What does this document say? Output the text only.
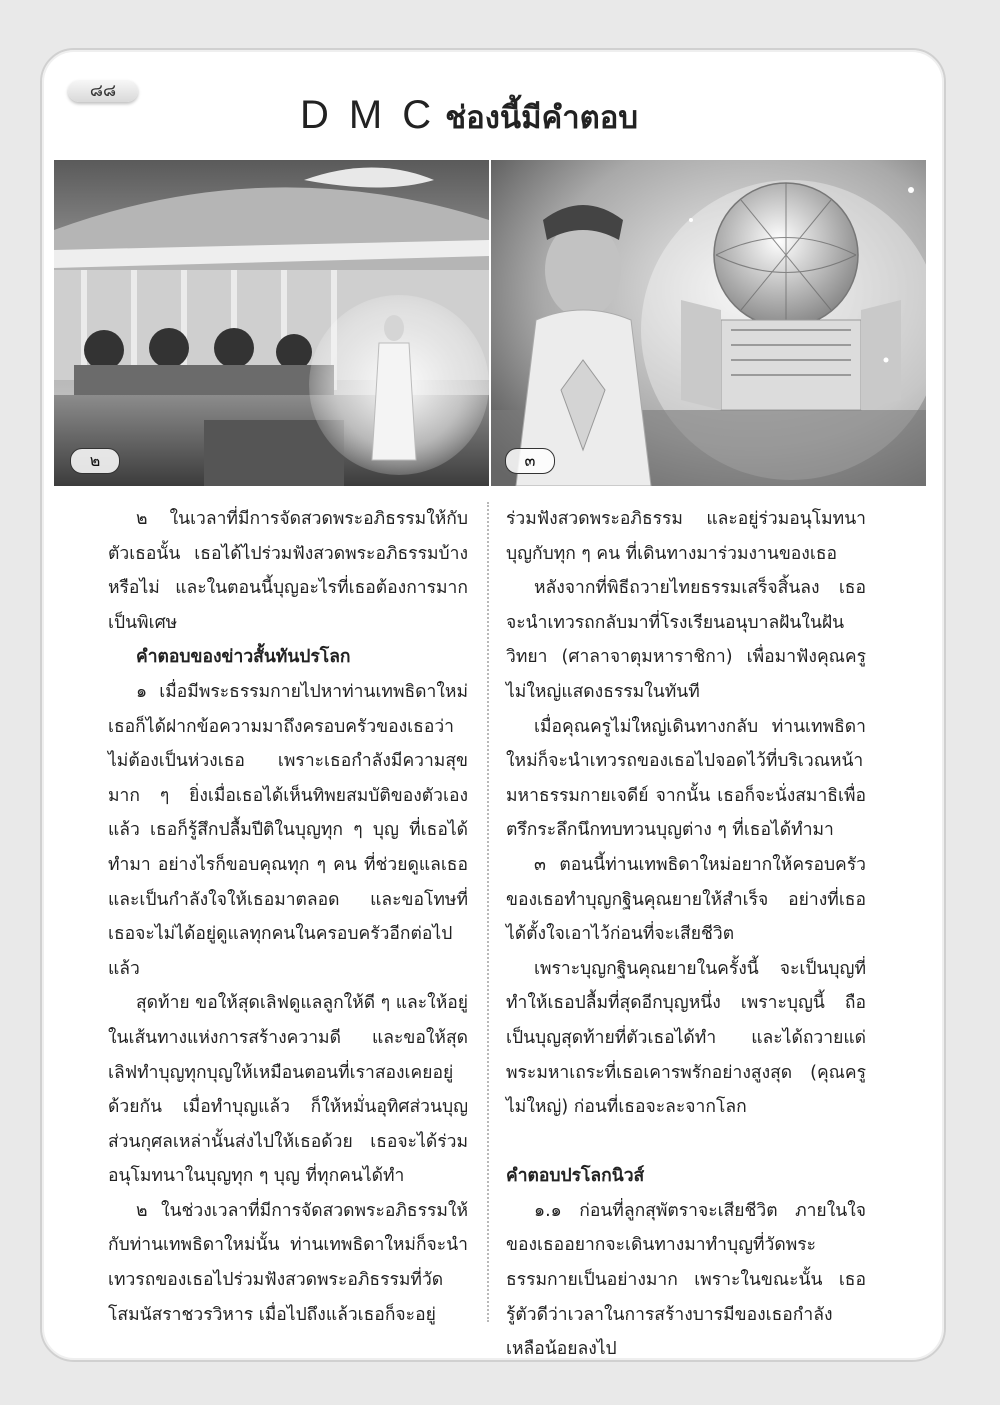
๘๘
DMCช่องนี้มีคำตอบ
๒	๓

๒ ในเวลาที่มีการจัดสวดพระอภิธรรมให้กับตัวเธอนั้น เธอได้ไปร่วมฟังสวดพระอภิธรรมบ้างหรือไม่ และในตอนนี้บุญอะไรที่เธอต้องการมากเป็นพิเศษ

คำตอบของข่าวสั้นทันปรโลก

๑ เมื่อมีพระธรรมกายไปหาท่านเทพธิดาใหม่ เธอก็ได้ฝากข้อความมาถึงครอบครัวของเธอว่า ไม่ต้องเป็นห่วงเธอ เพราะเธอกำลังมีความสุขมาก ๆ ยิ่งเมื่อเธอได้เห็นทิพยสมบัติของตัวเองแล้ว เธอก็รู้สึกปลื้มปีติในบุญทุก ๆ บุญ ที่เธอได้ทำมา อย่างไรก็ขอบคุณทุก ๆ คน ที่ช่วยดูแลเธอและเป็นกำลังใจให้เธอมาตลอด และขอโทษที่เธอจะไม่ได้อยู่ดูแลทุกคนในครอบครัวอีกต่อไปแล้ว

สุดท้าย ขอให้สุดเลิฟดูแลลูกให้ดี ๆ และให้อยู่ในเส้นทางแห่งการสร้างความดี และขอให้สุดเลิฟทำบุญทุกบุญให้เหมือนตอนที่เราสองเคยอยู่ด้วยกัน เมื่อทำบุญแล้ว ก็ให้หมั่นอุทิศส่วนบุญส่วนกุศลเหล่านั้นส่งไปให้เธอด้วย เธอจะได้ร่วมอนุโมทนาในบุญทุก ๆ บุญ ที่ทุกคนได้ทำ

๒ ในช่วงเวลาที่มีการจัดสวดพระอภิธรรมให้กับท่านเทพธิดาใหม่นั้น ท่านเทพธิดาใหม่ก็จะนำเทวรถของเธอไปร่วมฟังสวดพระอภิธรรมที่วัดโสมนัสราชวรวิหาร เมื่อไปถึงแล้วเธอก็จะอยู่

ร่วมฟังสวดพระอภิธรรม และอยู่ร่วมอนุโมทนาบุญกับทุก ๆ คน ที่เดินทางมาร่วมงานของเธอ

หลังจากที่พิธีถวายไทยธรรมเสร็จสิ้นลง เธอจะนำเทวรถกลับมาที่โรงเรียนอนุบาลฝันในฝันวิทยา (ศาลาจาตุมหาราชิกา) เพื่อมาฟังคุณครูไม่ใหญ่แสดงธรรมในทันที

เมื่อคุณครูไม่ใหญ่เดินทางกลับ ท่านเทพธิดาใหม่ก็จะนำเทวรถของเธอไปจอดไว้ที่บริเวณหน้ามหาธรรมกายเจดีย์ จากนั้น เธอก็จะนั่งสมาธิเพื่อตรึกระลึกนึกทบทวนบุญต่าง ๆ ที่เธอได้ทำมา

๓ ตอนนี้ท่านเทพธิดาใหม่อยากให้ครอบครัวของเธอทำบุญกฐินคุณยายให้สำเร็จ อย่างที่เธอได้ตั้งใจเอาไว้ก่อนที่จะเสียชีวิต

เพราะบุญกฐินคุณยายในครั้งนี้ จะเป็นบุญที่ทำให้เธอปลื้มที่สุดอีกบุญหนึ่ง เพราะบุญนี้ ถือเป็นบุญสุดท้ายที่ตัวเธอได้ทำ และได้ถวายแด่พระมหาเถระที่เธอเคารพรักอย่างสูงสุด (คุณครูไม่ใหญ่) ก่อนที่เธอจะละจากโลก

คำตอบปรโลกนิวส์

๑.๑ ก่อนที่ลูกสุพัตราจะเสียชีวิต ภายในใจของเธออยากจะเดินทางมาทำบุญที่วัดพระธรรมกายเป็นอย่างมาก เพราะในขณะนั้น เธอรู้ตัวดีว่าเวลาในการสร้างบารมีของเธอกำลังเหลือน้อยลงไป
